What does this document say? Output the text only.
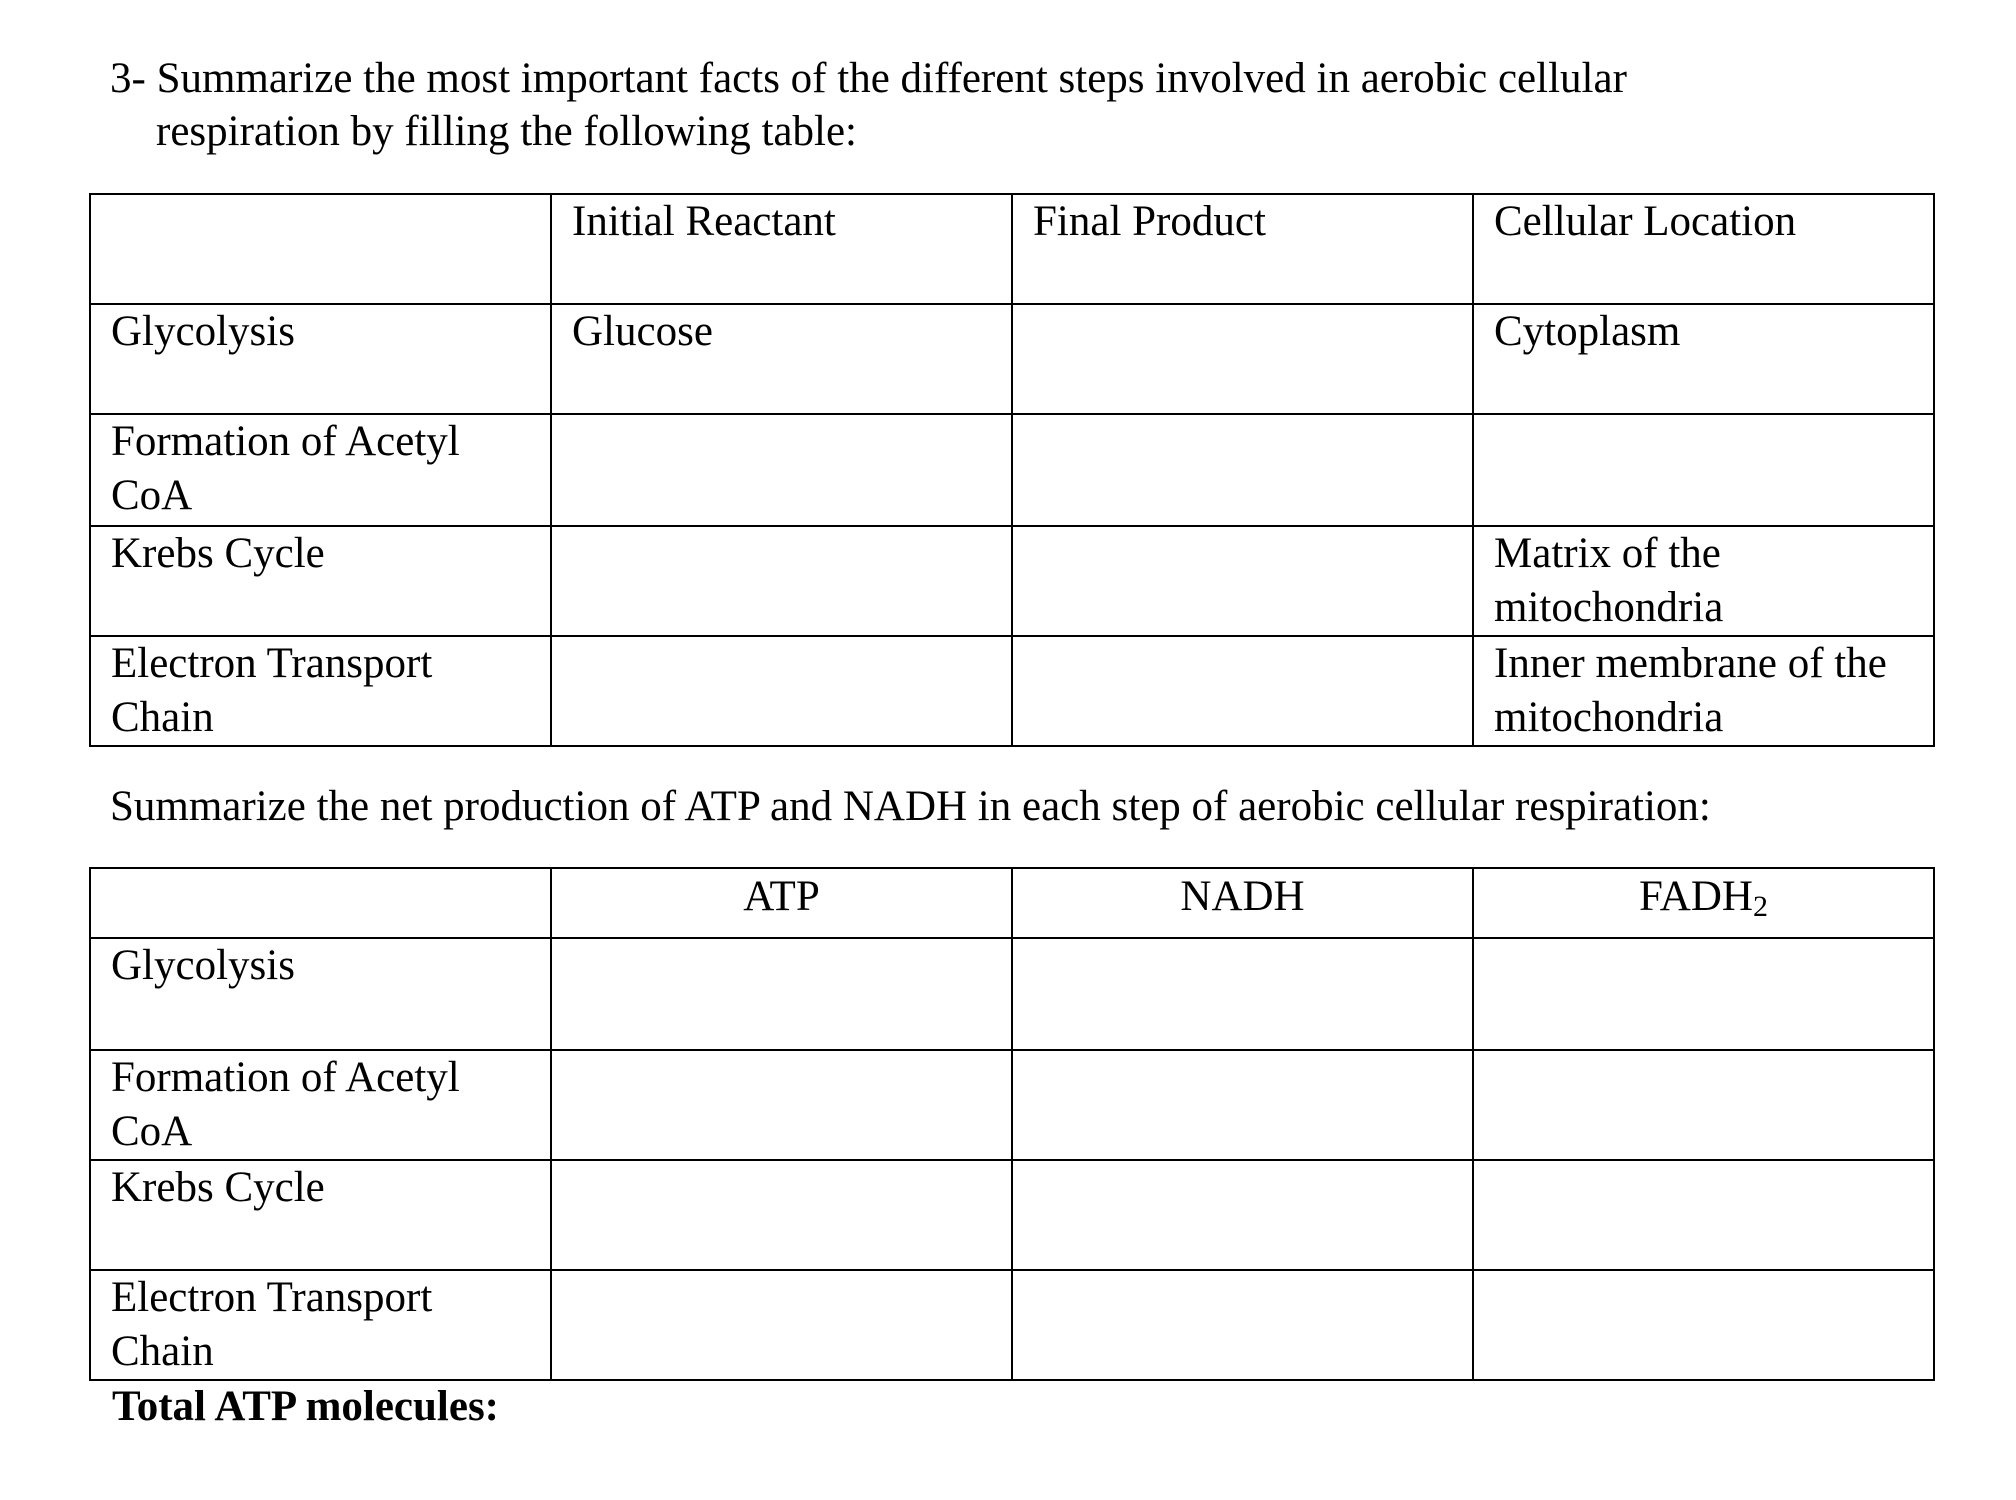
3- Summarize the most important facts of the different steps involved in aerobic cellular
respiration by filling the following table:
	Initial Reactant	Final Product	Cellular Location
Glycolysis	Glucose		Cytoplasm
Formation of Acetyl CoA			
Krebs Cycle			Matrix of the mitochondria
Electron Transport Chain			Inner membrane of the mitochondria
Summarize the net production of ATP and NADH in each step of aerobic cellular respiration:
	ATP	NADH	FADH2
Glycolysis			
Formation of Acetyl CoA			
Krebs Cycle			
Electron Transport Chain			
Total ATP molecules:
